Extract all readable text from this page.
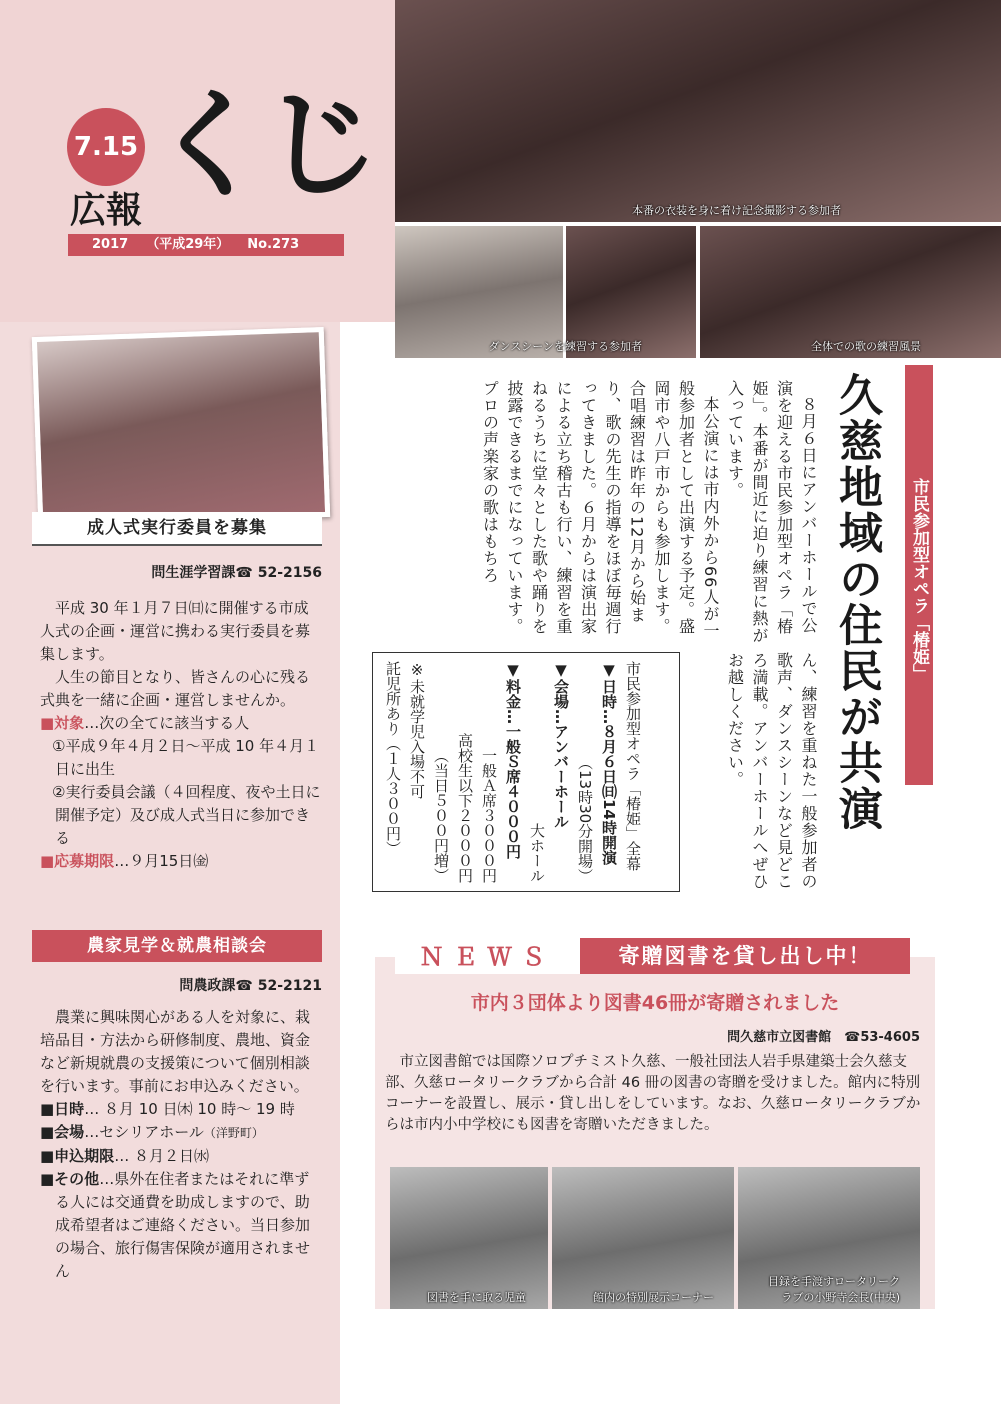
7.15 くじ
広報
2017 （平成29年） No.273
本番の衣装を身に着け記念撮影する参加者
ダンスシーンを練習する参加者	全体での歌の練習風景
成人式実行委員を募集
問生涯学習課☎ 52-2156

平成 30 年１月７日㈰に開催する市成人式の企画・運営に携わる実行委員を募集します。

人生の節目となり、皆さんの心に残る式典を一緒に企画・運営しませんか。

■対象…次の全てに該当する人

①平成９年４月２日～平成 10 年４月１日に出生

②実行委員会議（４回程度、夜や土日に開催予定）及び成人式当日に参加できる

■応募期限…９月15日㈮

農家見学＆就農相談会
問農政課☎ 52-2121

農業に興味関心がある人を対象に、栽培品目・方法から研修制度、農地、資金など新規就農の支援策について個別相談を行います。事前にお申込みください。

■日時… ８月 10 日㈭ 10 時～ 19 時

■会場…セシリアホール（洋野町）

■申込期限… ８月２日㈬

■その他…県外在住者またはそれに準ずる人には交通費を助成しますので、助成希望者はご連絡ください。当日参加の場合、旅行傷害保険が適用されません

市民参加型オペラ「椿姫」
久慈地域の住民が共演

８月６日にアンバーホールで公演を迎える市民参加型オペラ「椿姫」。本番が間近に迫り練習に熱が入っています。

本公演には市内外から66人が一般参加者として出演する予定。盛岡市や八戸市からも参加します。合唱練習は昨年の12月から始まり、歌の先生の指導をほぼ毎週行ってきました。６月からは演出家による立ち稽古も行い、練習を重ねるうちに堂々とした歌や踊りを披露できるまでになっています。プロの声楽家の歌はもちろ

ん、練習を重ねた一般参加者の歌声、ダンスシーンなど見どころ満載。アンバーホールへぜひお越しください。
市民参加型オペラ「椿姫」全幕
▼日時…８月６日㈰14時開演
（13時30分開場）
▼会場…アンバーホール
大ホール
▼料金…一般Ｓ席４０００円
一般Ａ席３０００円
高校生以下２０００円
（当日５００円増）
※未就学児入場不可
託児所あり（１人３００円）
ＮＥＷＳ	寄贈図書を貸し出し中！
市内３団体より図書46冊が寄贈されました
問久慈市立図書館　☎53-4605
市立図書館では国際ソロプチミスト久慈、一般社団法人岩手県建築士会久慈支部、久慈ロータリークラブから合計 46 冊の図書の寄贈を受けました。館内に特別コーナーを設置し、展示・貸し出しをしています。なお、久慈ロータリークラブからは市内小中学校にも図書を寄贈いただきました。
図書を手に取る児童	館内の特別展示コーナー
目録を手渡すロータリーク
ラブの小野寺会長(中央)
